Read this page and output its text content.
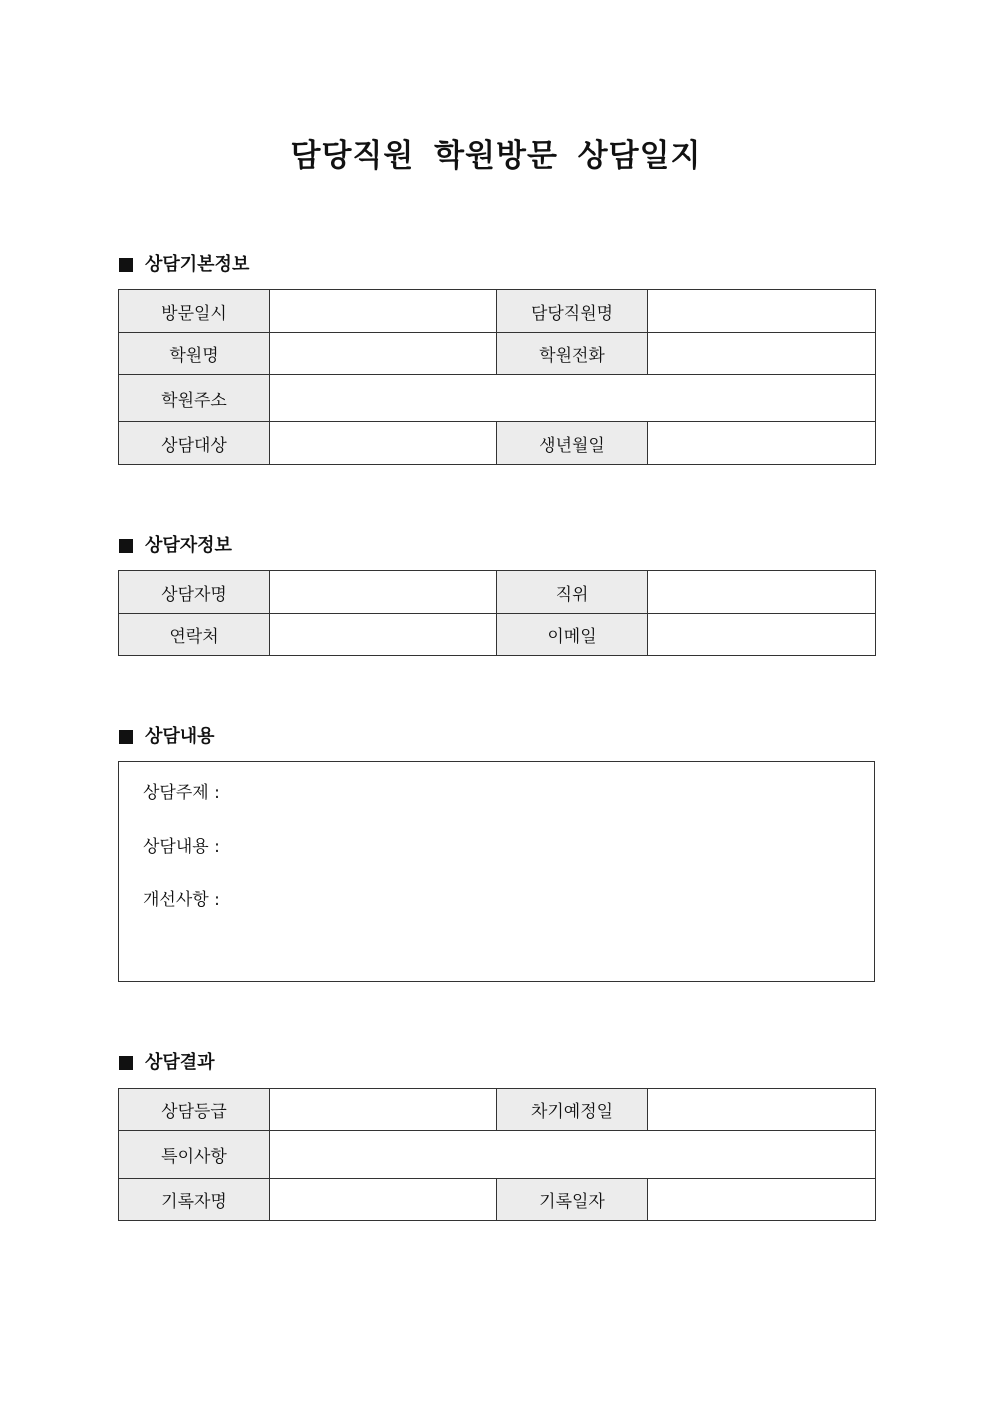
담당직원 학원방문 상담일지
상담기본정보
방문일시		담당직원명	
학원명		학원전화	
학원주소			
상담대상		생년월일	
상담자정보
상담자명		직위	
연락처		이메일	
상담내용
상담주제 :
상담내용 :
개선사항 :
상담결과
상담등급		차기예정일	
특이사항			
기록자명		기록일자	
